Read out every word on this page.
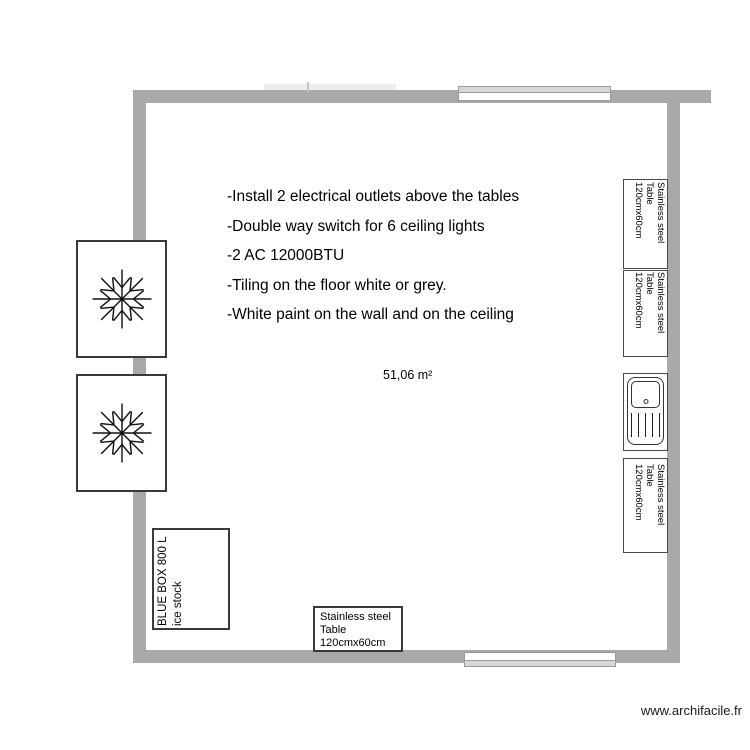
Stainless steel
Table
120cmx60cm
Stainless steel
Table
120cmx60cm
Stainless steel
Table
120cmx60cm
BLUE BOX 800 L ice stock	Stainless steel
Table
120cmx60cm
-Install 2 electrical outlets above the tables
-Double way switch for 6 ceiling lights
-2 AC 12000BTU
-Tiling on the floor white or grey.
-White paint on the wall and on the ceiling
51,06 m²
www.archifacile.fr
